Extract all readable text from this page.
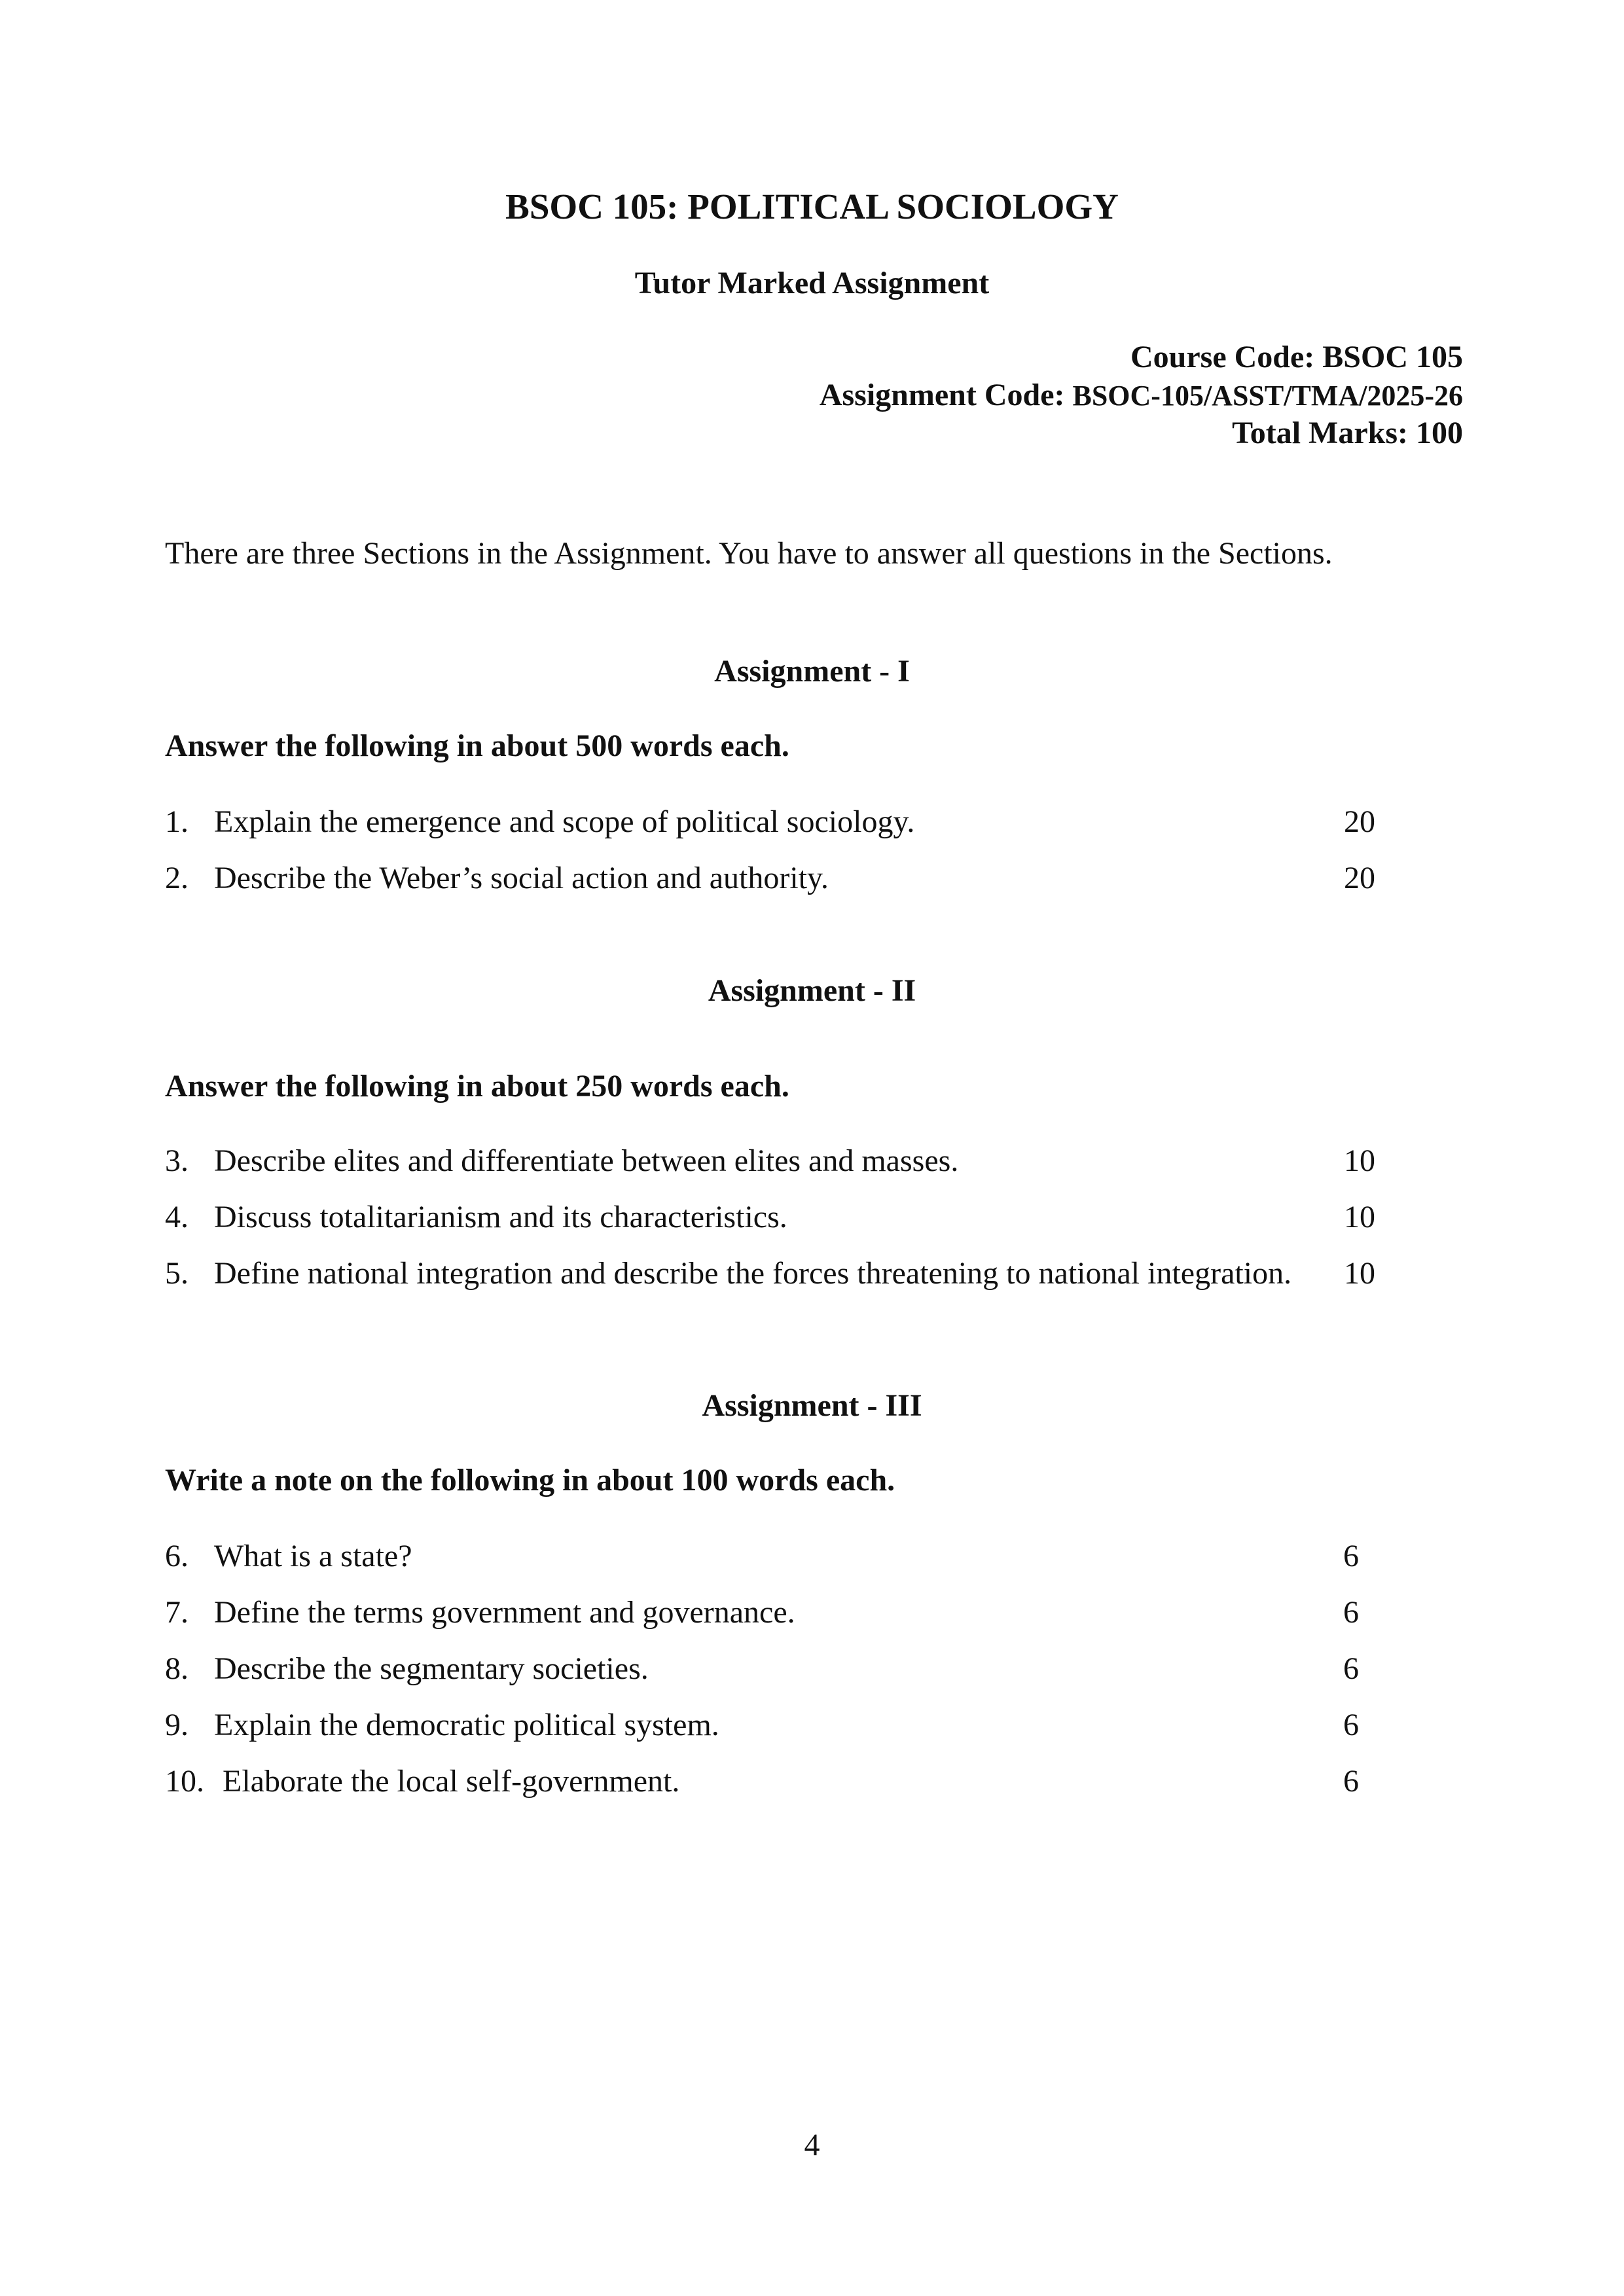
BSOC 105: POLITICAL SOCIOLOGY
Tutor Marked Assignment
Course Code: BSOC 105
Assignment Code: BSOC-105/ASST/TMA/2025-26
Total Marks: 100
There are three Sections in the Assignment. You have to answer all questions in the Sections.
Assignment - I
Answer the following in about 500 words each.
1. Explain the emergence and scope of political sociology.	20
2. Describe the Weber’s social action and authority.	20
Assignment - II
Answer the following in about 250 words each.
3. Describe elites and differentiate between elites and masses.	10
4. Discuss totalitarianism and its characteristics.	10
5. Define national integration and describe the forces threatening to national integration. 10
Assignment - III
Write a note on the following in about 100 words each.
6. What is a state?	6
7. Define the terms government and governance.	6
8. Describe the segmentary societies.	6
9. Explain the democratic political system.	6
10. Elaborate the local self-government.	6
4
